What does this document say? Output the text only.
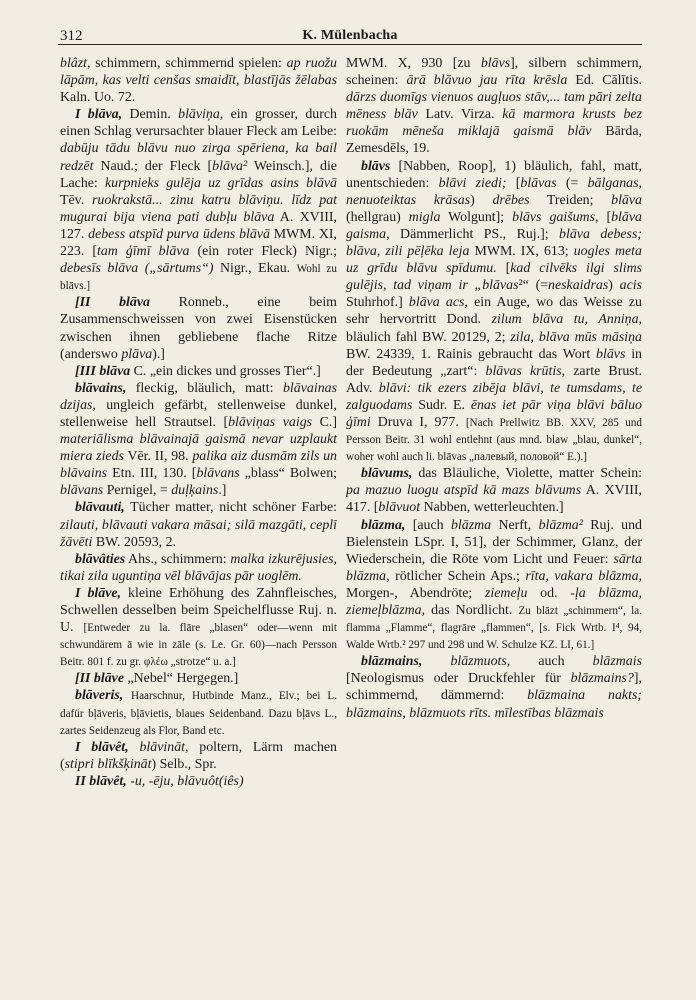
312	K. Mülenbacha

blâzt, schimmern, schimmernd spielen: ap ruožu lāpām, kas velti cenšas smaidīt, blastījās žēlabas Kaln. Uo. 72.

I blāva, Demin. blāviņa, ein grosser, durch einen Schlag verursachter blauer Fleck am Leibe: dabūju tādu blāvu nuo zirga spēriena, ka bail redzēt Naud.; der Fleck [blāva² Weinsch.], die Lache: kurpnieks gulēja uz grīdas asins blāvā Tēv. ruokrakstā... zinu katru blāviņu. līdz pat mugurai bija viena pati dubļu blāva A. XVIII, 127. debess atspīd purva ūdens blāvā MWM. XI, 223. [tam ģīmī blāva (ein roter Fleck) Nigr.; debesīs blāva („sārtums“) Nigr., Ekau. Wohl zu blāvs.]

[II blāva Ronneb., eine beim Zusammenschweissen von zwei Eisenstücken zwischen ihnen gebliebene flache Ritze (anderswo plāva).]

[III blāva C. „ein dickes und grosses Tier“.]

blāvains, fleckig, bläulich, matt: blāvainas dzijas, ungleich gefärbt, stellenweise dunkel, stellenweise hell Strautsel. [blāviņas vaigs C.] materiālisma blāvainajā gaismā nevar uzplaukt miera zieds Vēr. II, 98. palika aiz dusmām zils un blāvains Etn. III, 130. [blāvans „blass“ Bolwen; blāvans Pernigel, = duļķains.]

blāvauti, Tücher matter, nicht schöner Farbe: zilauti, blāvauti vakara māsai; silā mazgāti, ceplī žāvēti BW. 20593, 2.

blāvâties Ahs., schimmern: malka izkurējusies, tikai zila uguntiņa vēl blāvājas pār uoglēm.

I blāve, kleine Erhöhung des Zahnfleisches, Schwellen desselben beim Speichelflusse Ruj. n. U. [Entweder zu la. flāre „blasen“ oder—wenn mit schwundärem ā wie in zāle (s. Le. Gr. 60)—nach Persson Beitr. 801 f. zu gr. φλέω „strotze“ u. a.]

[II blāve „Nebel“ Hergegen.]

blāveris, Haarschnur, Hutbinde Manz., Elv.; bei L. dafür bļāveris, bļāvietis, blaues Seidenband. Dazu bļāvs L., zartes Seidenzeug als Flor, Band etc.

I blāvêt, blāvināt, poltern, Lärm machen (stipri blīkšķināt) Selb., Spr.

II blāvêt, -u, -ēju, blāvuôt(iês)

MWM. X, 930 [zu blāvs], silbern schimmern, scheinen: ārā blāvuo jau rīta krēsla Ed. Cālītis. dārzs duomīgs vienuos augļuos stāv,... tam pāri zelta mēness blāv Latv. Virza. kā marmora krusts bez ruokām mēneša miklajā gaismā blāv Bārda, Zemesdēls, 19.

blāvs [Nabben, Roop], 1) bläulich, fahl, matt, unentschieden: blāvi ziedi; [blāvas (= bālganas, nenuoteiktas krāsas) drēbes Treiden; blāva (hellgrau) migla Wolgunt]; blāvs gaišums, [blāva gaisma, Dämmerlicht PS., Ruj.]; blāva debess; blāva, zili pēļēka leja MWM. IX, 613; uogles meta uz grīdu blāvu spīdumu. [kad cilvēks ilgi slims gulējis, tad viņam ir „blāvas²“ (=neskaidras) acis Stuhrhof.] blāva acs, ein Auge, wo das Weisse zu sehr hervortritt Dond. zilum blāva tu, Anniņa, bläulich fahl BW. 20129, 2; zila, blāva mūs māsiņa BW. 24339, 1. Rainis gebraucht das Wort blāvs in der Bedeutung „zart“: blāvas krūtis, zarte Brust. Adv. blāvi: tik ezers zibēja blāvi, te tumsdams, te zalguodams Sudr. E. ēnas iet pār viņa blāvi bāluo ģīmi Druva I, 977. [Nach Prellwitz BB. XXV, 285 und Persson Beitr. 31 wohl entlehnt (aus mnd. blaw „blau, dunkel“, woher wohl auch li. blāvas „палевый, половой“ E.).]

blāvums, das Bläuliche, Violette, matter Schein: pa mazuo luogu atspīd kā mazs blāvums A. XVIII, 417. [blāvuot Nabben, wetterleuchten.]

blāzma, [auch blāzma Nerft, blāzma² Ruj. und Bielenstein LSpr. I, 51], der Schimmer, Glanz, der Wiederschein, die Röte vom Licht und Feuer: sārta blāzma, rötlicher Schein Aps.; rīta, vakara blāzma, Morgen-, Abendröte; ziemeļu od. -ļa blāzma, ziemeļblāzma, das Nordlicht. Zu blāzt „schimmern“, la. flamma „Flamme“, flagrāre „flammen“, [s. Fick Wrtb. I⁴, 94, Walde Wrtb.² 297 und 298 und W. Schulze KZ. LI, 61.]

blāzmains, blāzmuots, auch blāzmais [Neologismus oder Druckfehler für blāzmains?], schimmernd, dämmernd: blāzmaina nakts; blāzmains, blāzmuots rīts. mīlestības blāzmais
